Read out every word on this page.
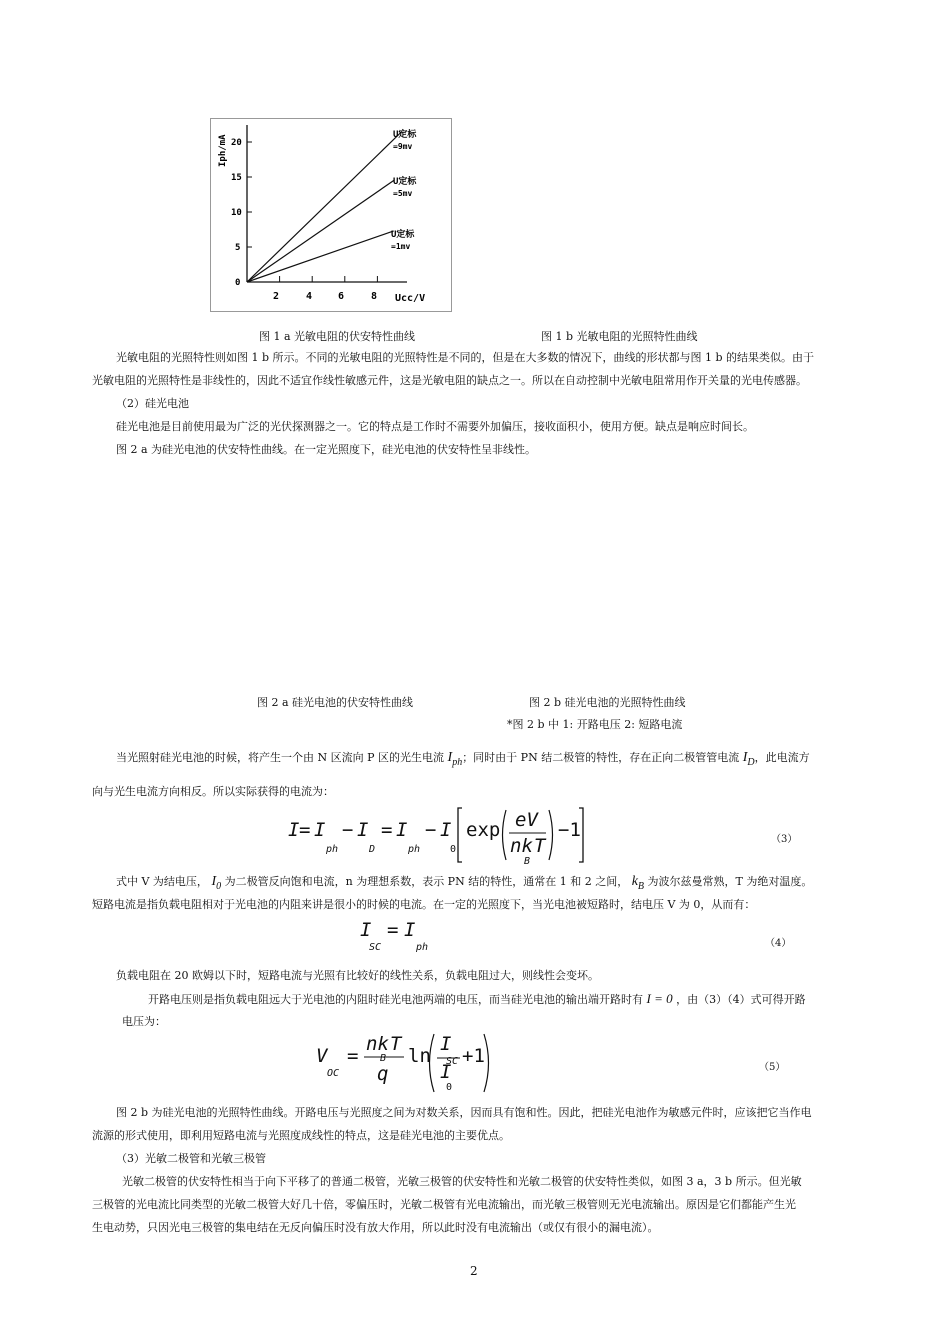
Iph/mA
Ucc/V
20
15
10
5
0
2	4	6	8
U定标
=9mv
U定标
=5mv
U定标
=1mv
图 1 a 光敏电阻的伏安特性曲线	图 1 b 光敏电阻的光照特性曲线
光敏电阻的光照特性则如图 1 b 所示。不同的光敏电阻的光照特性是不同的，但是在大多数的情况下，曲线的形状都与图 1 b 的结果类似。由于
光敏电阻的光照特性是非线性的，因此不适宜作线性敏感元件，这是光敏电阻的缺点之一。所以在自动控制中光敏电阻常用作开关量的光电传感器。
（2）硅光电池
硅光电池是目前使用最为广泛的光伏探测器之一。它的特点是工作时不需要外加偏压，接收面积小，使用方便。缺点是响应时间长。
图 2 a 为硅光电池的伏安特性曲线。在一定光照度下，硅光电池的伏安特性呈非线性。
图 2 a 硅光电池的伏安特性曲线	图 2 b 硅光电池的光照特性曲线
*图 2 b 中 1: 开路电压 2: 短路电流
当光照射硅光电池的时候，将产生一个由 N 区流向 P 区的光生电流 $I_{ph}$；同时由于 PN 结二极管的特性，存在正向二极管管电流 $I_D$，此电流方
向与光生电流方向相反。所以实际获得的电流为：
I = I
ph
− I
D
= I
ph
− I
0
exp eV
nk
B
T
−1	（3）
式中 V 为结电压， $I_0$ 为二极管反向饱和电流，n 为理想系数，表示 PN 结的特性，通常在 1 和 2 之间， $k_B$ 为波尔兹曼常熟，T 为绝对温度。
短路电流是指负载电阻相对于光电池的内阻来讲是很小的时候的电流。在一定的光照度下，当光电池被短路时，结电压 V 为 0，从而有：
I
SC
= I
ph	（4）
负载电阻在 20 欧姆以下时，短路电流与光照有比较好的线性关系，负载电阻过大，则线性会变坏。
开路电压则是指负载电阻远大于光电池的内阻时硅光电池两端的电压，而当硅光电池的输出端开路时有 I = 0 ，由（3）（4）式可得开路
电压为：
V
OC
=
nk
B
T
q
ln
I
SC
I
0
+1
（5）
图 2 b 为硅光电池的光照特性曲线。开路电压与光照度之间为对数关系，因而具有饱和性。因此，把硅光电池作为敏感元件时，应该把它当作电
流源的形式使用，即利用短路电流与光照度成线性的特点，这是硅光电池的主要优点。
（3）光敏二极管和光敏三极管
光敏二极管的伏安特性相当于向下平移了的普通二极管，光敏三极管的伏安特性和光敏二极管的伏安特性类似，如图 3 a，3 b 所示。但光敏
三极管的光电流比同类型的光敏二极管大好几十倍，零偏压时，光敏二极管有光电流输出，而光敏三极管则无光电流输出。原因是它们都能产生光
生电动势，只因光电三极管的集电结在无反向偏压时没有放大作用，所以此时没有电流输出（或仅有很小的漏电流）。
2
